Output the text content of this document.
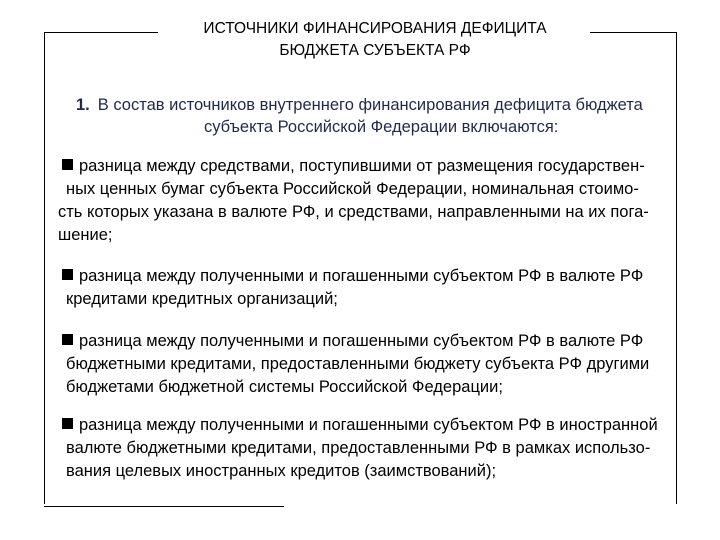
ИСТОЧНИКИ ФИНАНСИРОВАНИЯ ДЕФИЦИТА
БЮДЖЕТА СУБЪЕКТА РФ
1. В состав источников внутреннего финансирования дефицита бюджета
субъекта Российской Федерации включаются:
разница между средствами, поступившими от размещения государствен-
ных ценных бумаг субъекта Российской Федерации, номинальная стоимо-
сть которых указана в валюте РФ, и средствами, направленными на их пога-
шение;
разница между полученными и погашенными субъектом РФ в валюте РФ
кредитами кредитных организаций;
разница между полученными и погашенными субъектом РФ в валюте РФ
бюджетными кредитами, предоставленными бюджету субъекта РФ другими
бюджетами бюджетной системы Российской Федерации;
разница между полученными и погашенными субъектом РФ в иностранной
валюте бюджетными кредитами, предоставленными РФ в рамках использо-
вания целевых иностранных кредитов (заимствований);
